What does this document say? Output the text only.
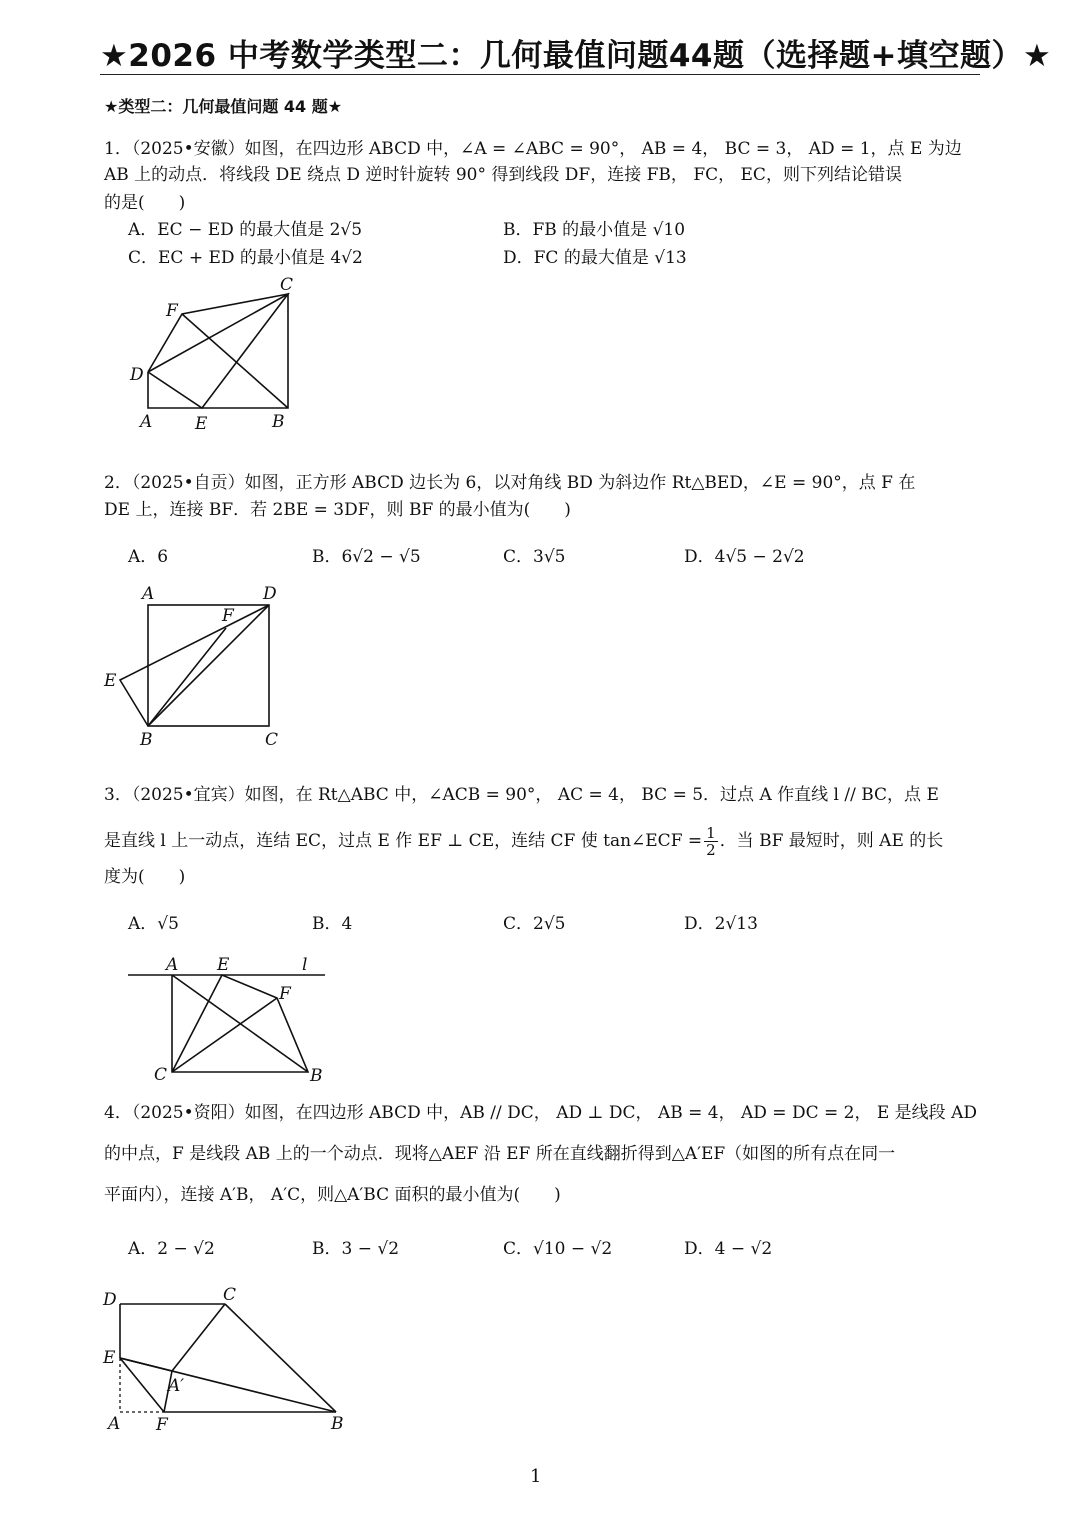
★2026 中考数学类型二：几何最值问题44题（选择题+填空题）★
★类型二：几何最值问题 44 题★
1．（2025•安徽）如图，在四边形 ABCD 中，∠A = ∠ABC = 90°， AB = 4， BC = 3， AD = 1，点 E 为边
AB 上的动点．将线段 DE 绕点 D 逆时针旋转 90° 得到线段 DF，连接 FB， FC， EC，则下列结论错误
的是(　　)
A．EC − ED 的最大值是 2√5	B．FB 的最小值是 √10
C．EC + ED 的最小值是 4√2	D．FC 的最大值是 √13
A	B
C
D
E
F
2．（2025•自贡）如图，正方形 ABCD 边长为 6，以对角线 BD 为斜边作 Rt△BED，∠E = 90°，点 F 在
DE 上，连接 BF．若 2BE = 3DF，则 BF 的最小值为(　　)
A．6	B．6√2 − √5	C．3√5	D．4√5 − 2√2
A	D
F
E
B	C
3．（2025•宜宾）如图，在 Rt△ABC 中，∠ACB = 90°， AC = 4， BC = 5．过点 A 作直线 l // BC，点 E
是直线 l 上一动点，连结 EC，过点 E 作 EF ⊥ CE，连结 CF 使 tan∠ECF = $\frac{1}{2}$ ．当 BF 最短时，则 AE 的长
度为(　　)
A．√5	B．4	C．2√5	D．2√13
A E	l
F
C	B
4．（2025•资阳）如图，在四边形 ABCD 中，AB // DC， AD ⊥ DC， AB = 4， AD = DC = 2， E 是线段 AD
的中点，F 是线段 AB 上的一个动点．现将△AEF 沿 EF 所在直线翻折得到△A′EF（如图的所有点在同一
平面内），连接 A′B， A′C，则△A′BC 面积的最小值为(　　)
A．2 − √2	B．3 − √2	C．√10 − √2	D．4 − √2
D	C
E
A′
A F	B
1
